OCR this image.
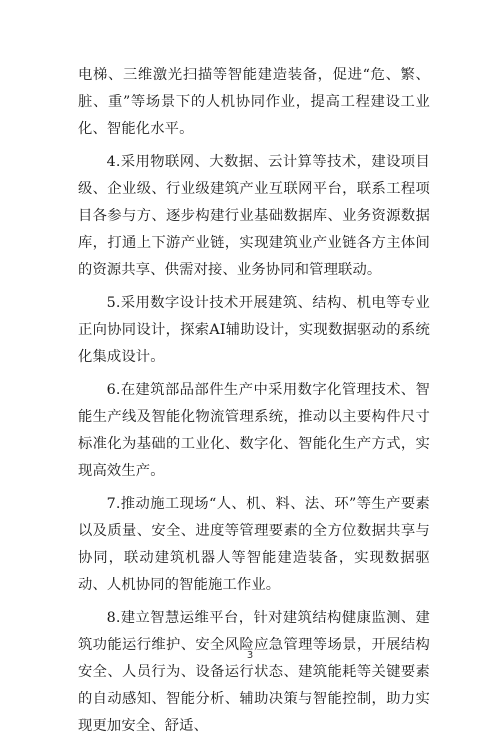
电梯、三维激光扫描等智能建造装备，促进“危、繁、脏、重”等场景下的人机协同作业，提高工程建设工业化、智能化水平。

4.采用物联网、大数据、云计算等技术，建设项目级、企业级、行业级建筑产业互联网平台，联系工程项目各参与方、逐步构建行业基础数据库、业务资源数据库，打通上下游产业链，实现建筑业产业链各方主体间的资源共享、供需对接、业务协同和管理联动。

5.采用数字设计技术开展建筑、结构、机电等专业正向协同设计，探索AI辅助设计，实现数据驱动的系统化集成设计。

6.在建筑部品部件生产中采用数字化管理技术、智能生产线及智能化物流管理系统，推动以主要构件尺寸标准化为基础的工业化、数字化、智能化生产方式，实现高效生产。

7.推动施工现场“人、机、料、法、环”等生产要素以及质量、安全、进度等管理要素的全方位数据共享与协同，联动建筑机器人等智能建造装备，实现数据驱动、人机协同的智能施工作业。

8.建立智慧运维平台，针对建筑结构健康监测、建筑功能运行维护、安全风险应急管理等场景，开展结构安全、人员行为、设备运行状态、建筑能耗等关键要素的自动感知、智能分析、辅助决策与智能控制，助力实现更加安全、舒适、

3
